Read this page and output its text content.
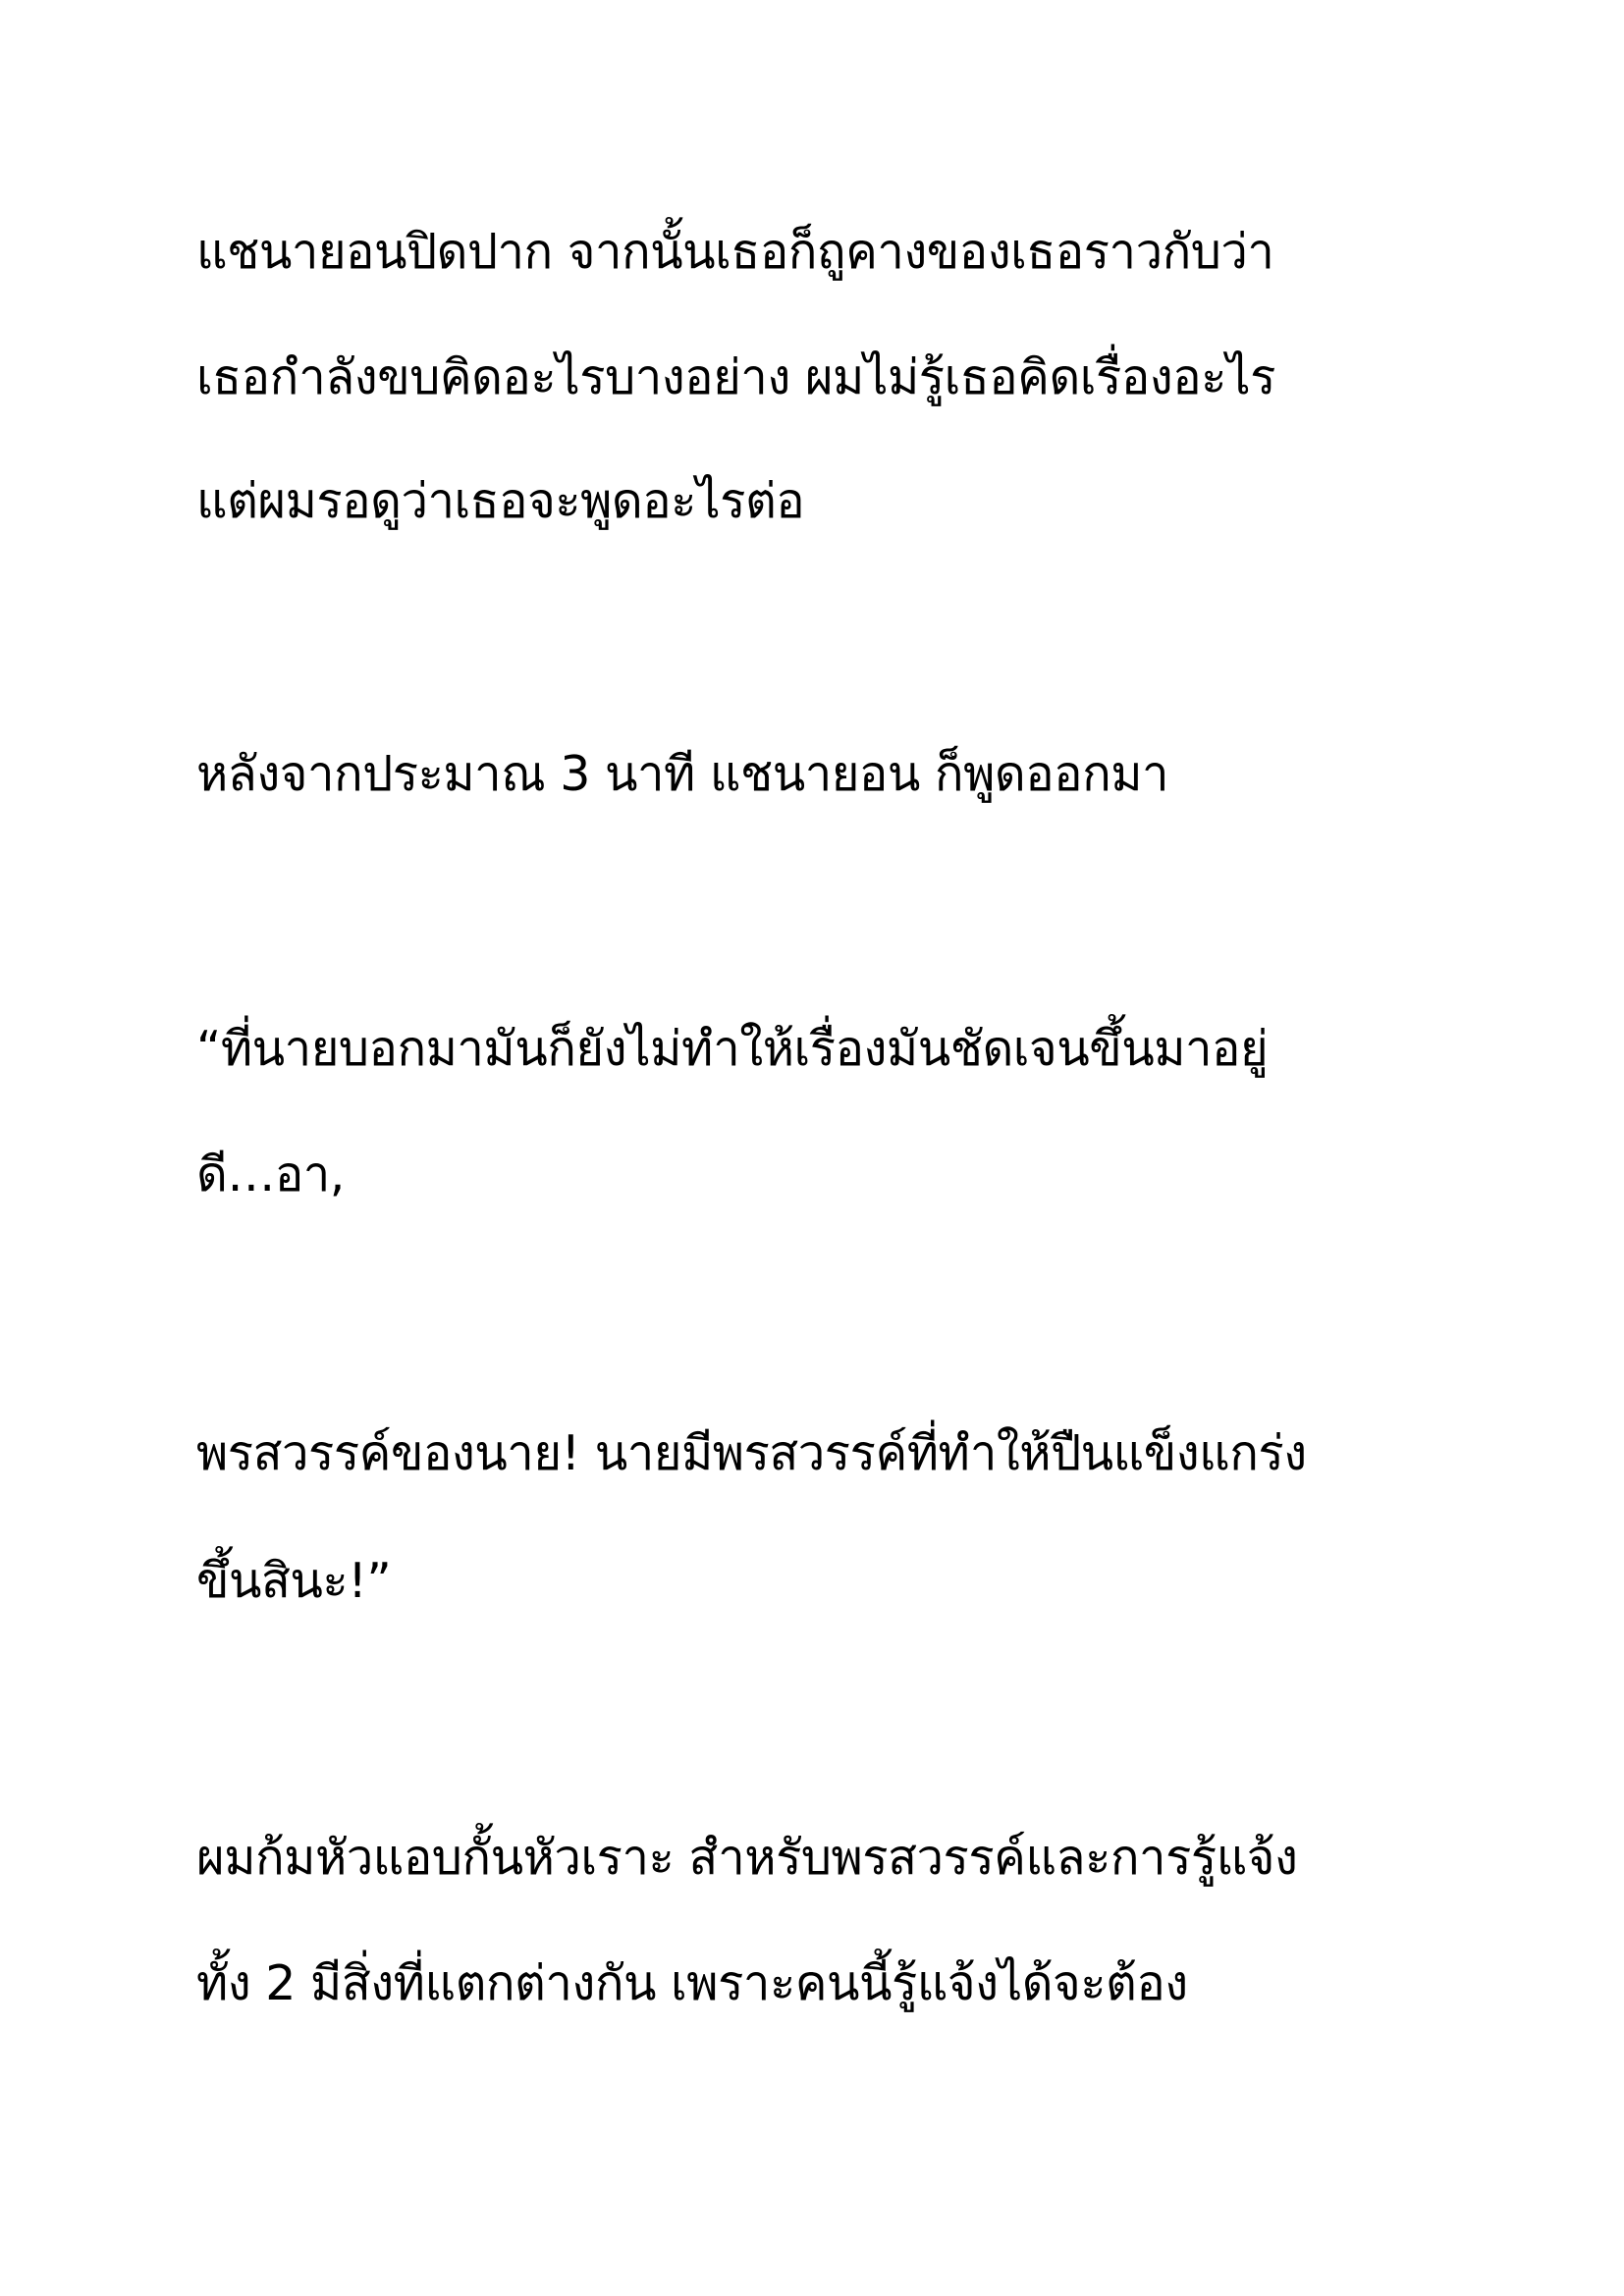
แชนายอนปิดปาก จากนั้นเธอก็ถูคางของเธอราวกับว่า

เธอกำลังขบคิดอะไรบางอย่าง ผมไม่รู้เธอคิดเรื่องอะไร

แต่ผมรอดูว่าเธอจะพูดอะไรต่อ

หลังจากประมาณ 3 นาที แชนายอน ก็พูดออกมา

“ที่นายบอกมามันก็ยังไม่ทำให้เรื่องมันชัดเจนขึ้นมาอยู่

ดี…อา,

พรสวรรค์ของนาย! นายมีพรสวรรค์ที่ทำให้ปืนแข็งแกร่ง

ขึ้นสินะ!”

ผมก้มหัวแอบกั้นหัวเราะ สำหรับพรสวรรค์และการรู้แจ้ง

ทั้ง 2 มีสิ่งที่แตกต่างกัน เพราะคนนี้รู้แจ้งได้จะต้อง
